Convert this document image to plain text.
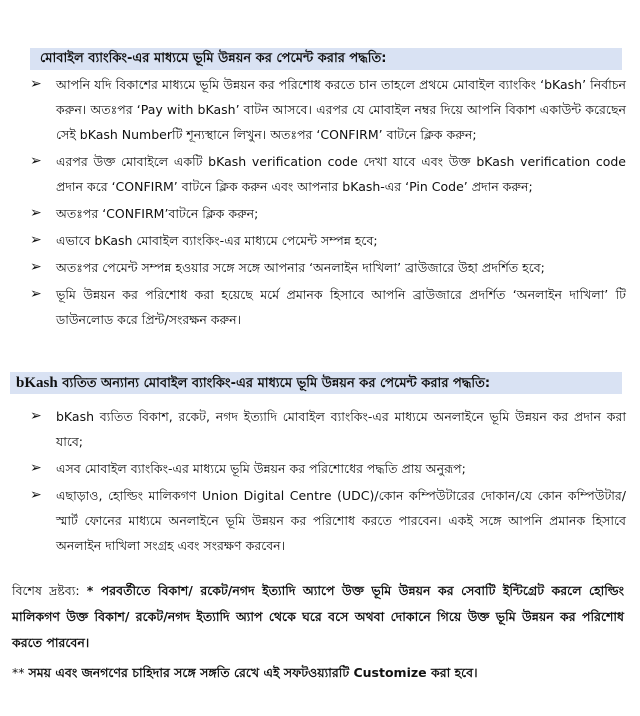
মোবাইল ব্যাংকিং-এর মাধ্যমে ভূমি উন্নয়ন কর পেমেন্ট করার পদ্ধতি:
➢ আপনি যদি বিকাশের মাধ্যমে ভূমি উন্নয়ন কর পরিশোধ করতে চান তাহলে প্রথমে মোবাইল ব্যাংকিং ‘bKash’ নির্বাচন করুন। অতঃপর ‘Pay with bKash’ বাটন আসবে। এরপর যে মোবাইল নম্বর দিয়ে আপনি বিকাশ একাউন্ট করেছেন সেই bKash Numberটি শূন্যস্থানে লিখুন। অতঃপর ‘CONFIRM’ বাটনে ক্লিক করুন;
➢ এরপর উক্ত মোবাইলে একটি bKash verification code দেখা যাবে এবং উক্ত bKash verification code প্রদান করে ‘CONFIRM’ বাটনে ক্লিক করুন এবং আপনার bKash-এর ‘Pin Code’ প্রদান করুন;
➢ অতঃপর ‘CONFIRM’বাটনে ক্লিক করুন;
➢ এভাবে bKash মোবাইল ব্যাংকিং-এর মাধ্যমে পেমেন্ট সম্পন্ন হবে;
➢ অতঃপর পেমেন্ট সম্পন্ন হওয়ার সঙ্গে সঙ্গে আপনার ‘অনলাইন দাখিলা’ ব্রাউজারে উহা প্রদর্শিত হবে;
➢ ভূমি উন্নয়ন কর পরিশোধ করা হয়েছে মর্মে প্রমানক হিসাবে আপনি ব্রাউজারে প্রদর্শিত ‘অনলাইন দাখিলা’ টি ডাউনলোড করে প্রিন্ট/সংরক্ষন করুন।
bKash ব্যতিত অন্যান্য মোবাইল ব্যাংকিং-এর মাধ্যমে ভূমি উন্নয়ন কর পেমেন্ট করার পদ্ধতি:
➢ bKash ব্যতিত বিকাশ, রকেট, নগদ ইত্যাদি মোবাইল ব্যাংকিং-এর মাধ্যমে অনলাইনে ভূমি উন্নয়ন কর প্রদান করা যাবে;
➢ এসব মোবাইল ব্যাংকিং-এর মাধ্যমে ভূমি উন্নয়ন কর পরিশোধের পদ্ধতি প্রায় অনুরূপ;
➢ এছাড়াও, হোল্ডিং মালিকগণ Union Digital Centre (UDC)/কোন কম্পিউটারের দোকান/যে কোন কম্পিউটার/স্মার্ট ফোনের মাধ্যমে অনলাইনে ভূমি উন্নয়ন কর পরিশোধ করতে পারবেন। একই সঙ্গে আপনি প্রমানক হিসাবে অনলাইন দাখিলা সংগ্রহ এবং সংরক্ষণ করবেন।

বিশেষ দ্রষ্টব্য: * পরবর্তীতে বিকাশ/ রকেট/নগদ ইত্যাদি অ্যাপে উক্ত ভূমি উন্নয়ন কর সেবাটি ইন্টিগ্রেট করলে হোল্ডিং মালিকগণ উক্ত বিকাশ/ রকেট/নগদ ইত্যাদি অ্যাপ থেকে ঘরে বসে অথবা দোকানে গিয়ে উক্ত ভূমি উন্নয়ন কর পরিশোধ করতে পারবেন।

** সময় এবং জনগণের চাহিদার সঙ্গে সঙ্গতি রেখে এই সফটওয়্যারটি Customize করা হবে।
